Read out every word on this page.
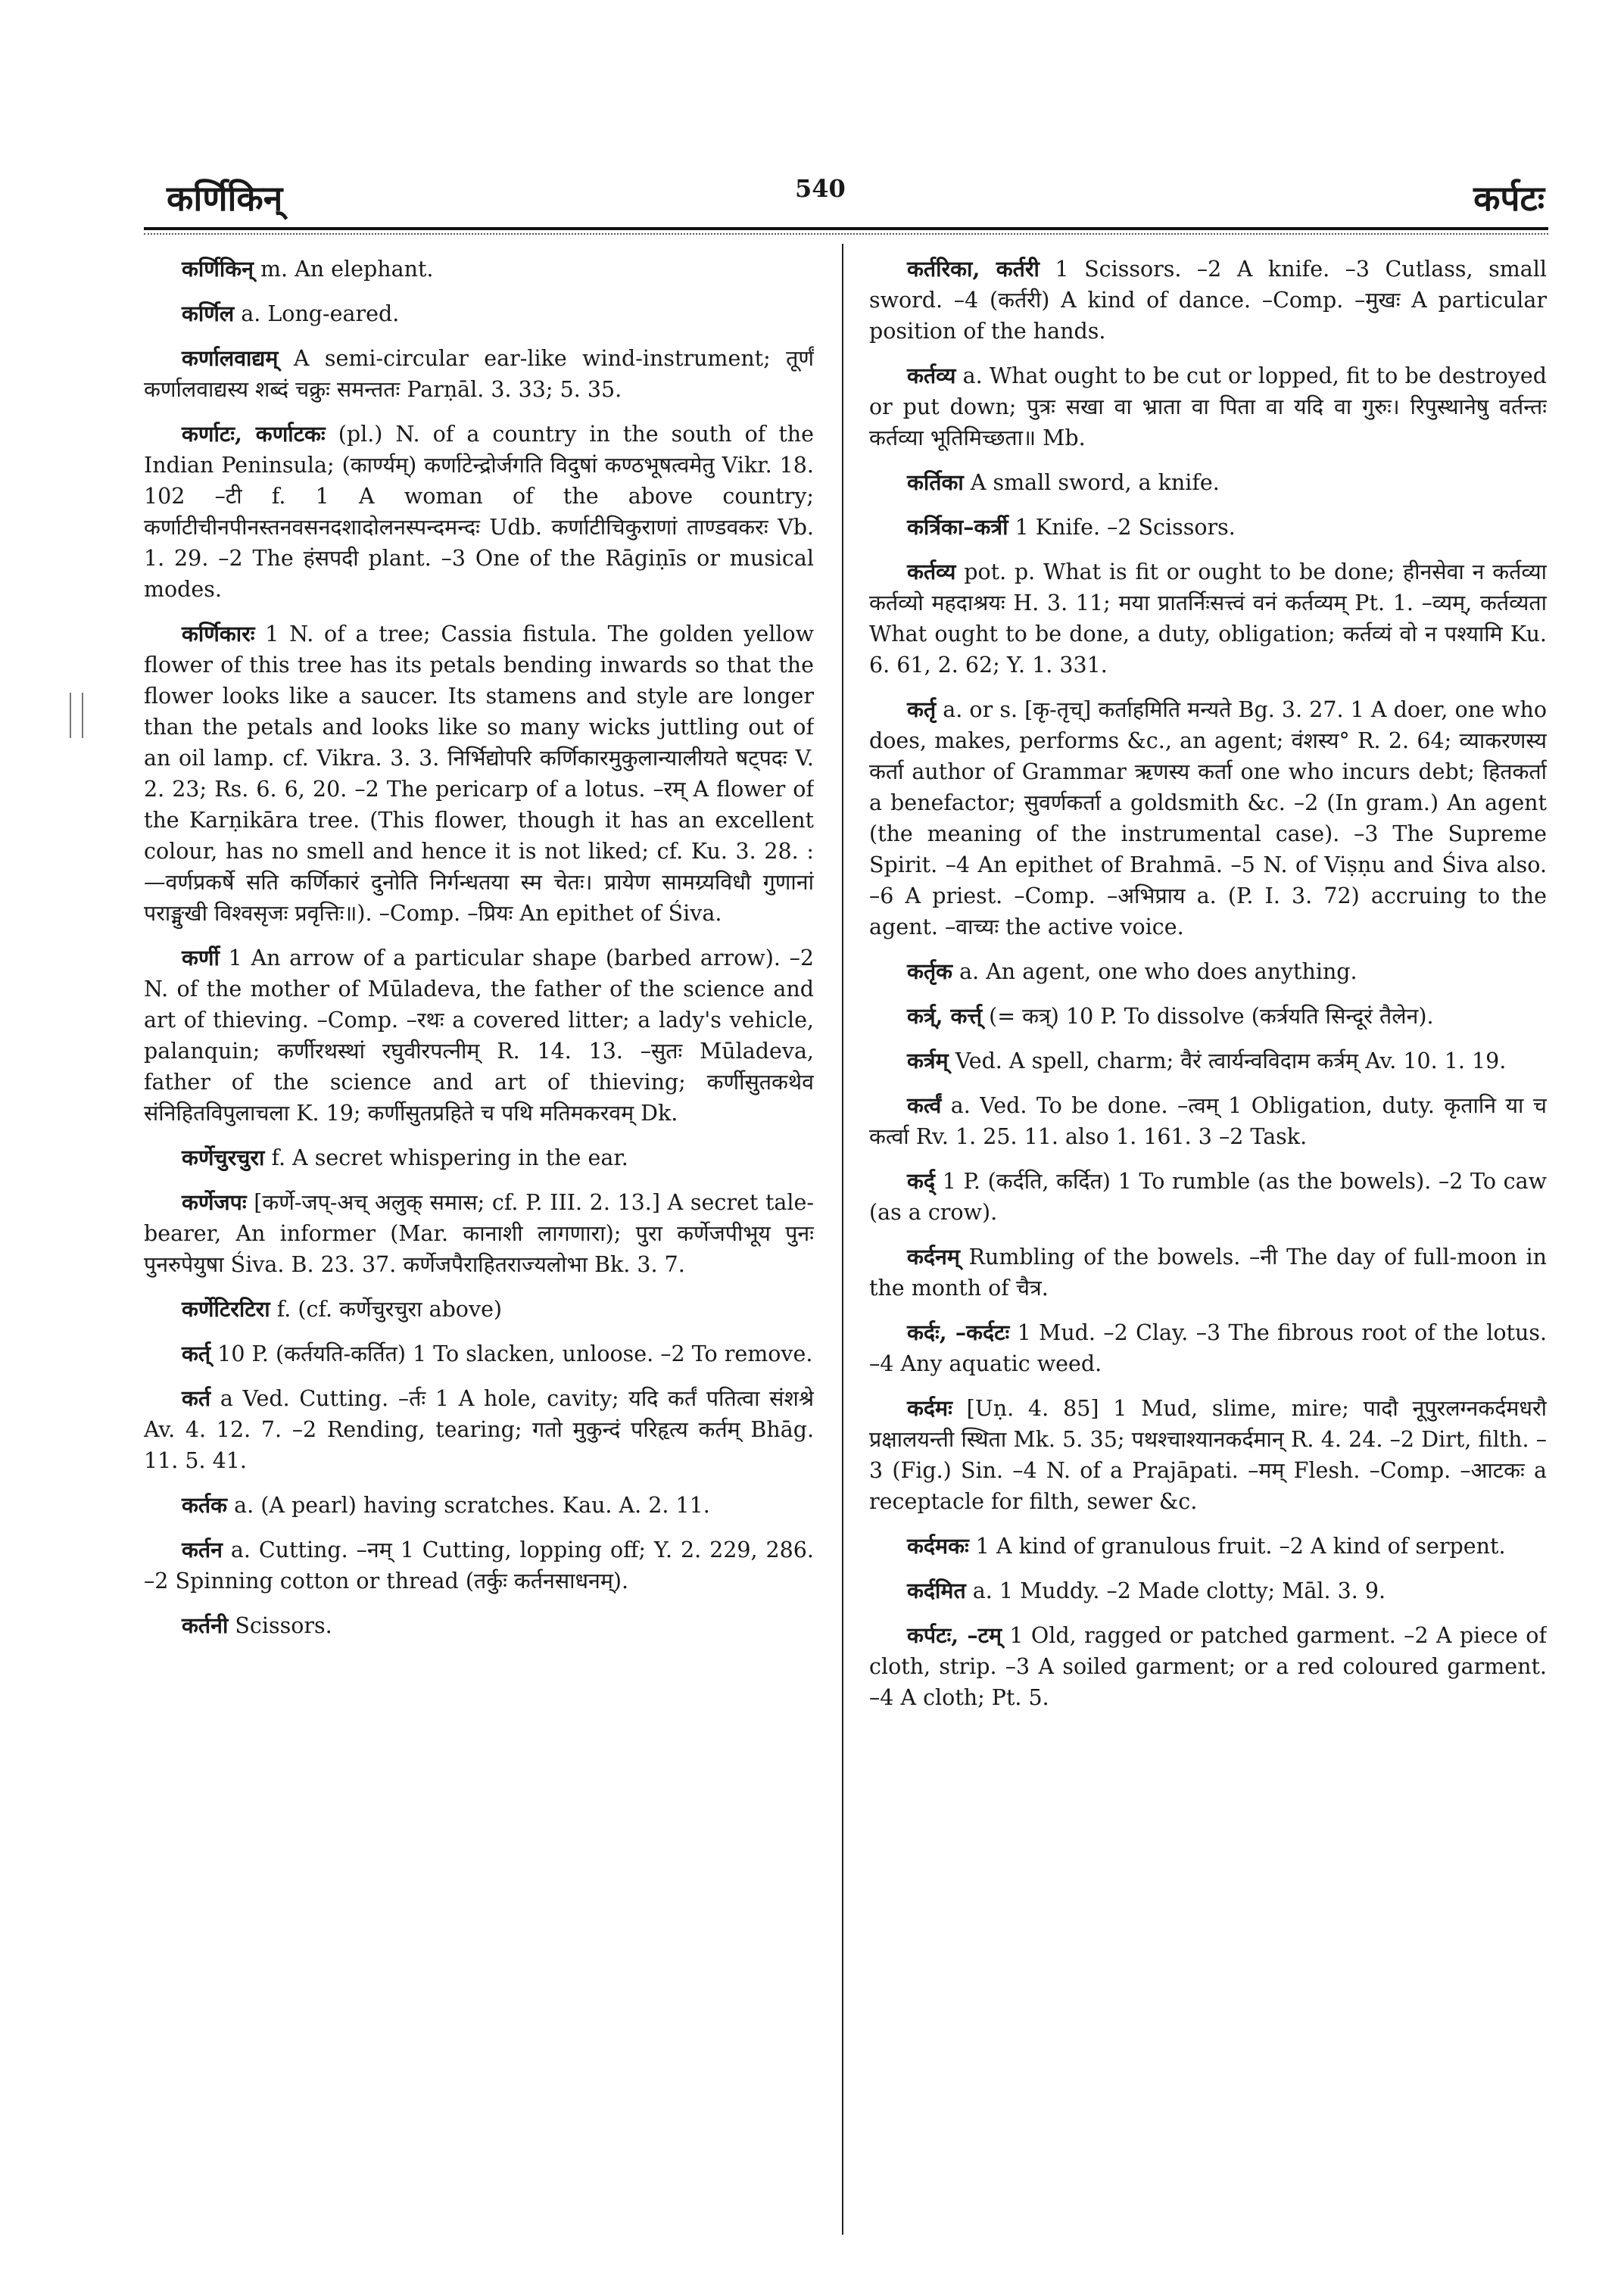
कर्णिकिन्	540	कर्पटः

कर्णिकिन् m. An elephant.

कर्णिल a. Long-eared.

कर्णालवाद्यम् A semi-circular ear-like wind-instrument; तूर्णं कर्णालवाद्यस्य शब्दं चक्रुः समन्ततः Parṇāl. 3. 33; 5. 35.

कर्णाटः, कर्णाटकः (pl.) N. of a country in the south of the Indian Peninsula; (कार्ण्यम्) कर्णाटेन्द्रोर्जगति विदुषां कण्ठभूषत्वमेतु Vikr. 18. 102 –टी f. 1 A woman of the above country; कर्णाटीचीनपीनस्तनवसनदशादोलनस्पन्दमन्दः Udb. कर्णाटीचिकुराणां ताण्डवकरः Vb. 1. 29. –2 The हंसपदी plant. –3 One of the Rāgiṇīs or musical modes.

कर्णिकारः 1 N. of a tree; Cassia fistula. The golden yellow flower of this tree has its petals bending inwards so that the flower looks like a saucer. Its stamens and style are longer than the petals and looks like so many wicks juttling out of an oil lamp. cf. Vikra. 3. 3. निर्भिद्योपरि कर्णिकारमुकुलान्यालीयते षट्पदः V. 2. 23; Rs. 6. 6, 20. –2 The pericarp of a lotus. –रम् A flower of the Karṇikāra tree. (This flower, though it has an excellent colour, has no smell and hence it is not liked; cf. Ku. 3. 28. :—वर्णप्रकर्षे सति कर्णिकारं दुनोति निर्गन्धतया स्म चेतः। प्रायेण सामग्र्यविधौ गुणानां पराङ्मुखी विश्वसृजः प्रवृत्तिः॥). –Comp. –प्रियः An epithet of Śiva.

कर्णी 1 An arrow of a particular shape (barbed arrow). –2 N. of the mother of Mūladeva, the father of the science and art of thieving. –Comp. –रथः a covered litter; a lady's vehicle, palanquin; कर्णीरथस्थां रघुवीरपत्नीम् R. 14. 13. –सुतः Mūladeva, father of the science and art of thieving; कर्णीसुतकथेव संनिहितविपुलाचला K. 19; कर्णीसुतप्रहिते च पथि मतिमकरवम् Dk.

कर्णेचुरचुरा f. A secret whispering in the ear.

कर्णेजपः [कर्णे-जप्-अच् अलुक् समास; cf. P. III. 2. 13.] A secret tale-bearer, An informer (Mar. कानाशी लागणारा); पुरा कर्णेजपीभूय पुनः पुनरुपेयुषा Śiva. B. 23. 37. कर्णेजपैराहितराज्यलोभा Bk. 3. 7.

कर्णेटिरटिरा f. (cf. कर्णेचुरचुरा above)

कर्त् 10 P. (कर्तयति-कर्तित) 1 To slacken, unloose. –2 To remove.

कर्त a Ved. Cutting. –र्तः 1 A hole, cavity; यदि कर्तं पतित्वा संशश्रे Av. 4. 12. 7. –2 Rending, tearing; गतो मुकुन्दं परिहृत्य कर्तम् Bhāg. 11. 5. 41.

कर्तक a. (A pearl) having scratches. Kau. A. 2. 11.

कर्तन a. Cutting. –नम् 1 Cutting, lopping off; Y. 2. 229, 286. –2 Spinning cotton or thread (तर्कुः कर्तनसाधनम्).

कर्तनी Scissors.

कर्तरिका, कर्तरी 1 Scissors. –2 A knife. –3 Cutlass, small sword. –4 (कर्तरी) A kind of dance. –Comp. –मुखः A particular position of the hands.

कर्तव्य a. What ought to be cut or lopped, fit to be destroyed or put down; पुत्रः सखा वा भ्राता वा पिता वा यदि वा गुरुः। रिपुस्थानेषु वर्तन्तः कर्तव्या भूतिमिच्छता॥ Mb.

कर्तिका A small sword, a knife.

कर्त्रिका–कर्त्री 1 Knife. –2 Scissors.

कर्तव्य pot. p. What is fit or ought to be done; हीनसेवा न कर्तव्या कर्तव्यो महदाश्रयः H. 3. 11; मया प्रातर्निःसत्त्वं वनं कर्तव्यम् Pt. 1. –व्यम्, कर्तव्यता What ought to be done, a duty, obligation; कर्तव्यं वो न पश्यामि Ku. 6. 61, 2. 62; Y. 1. 331.

कर्तृ a. or s. [कृ-तृच्] कर्ताहमिति मन्यते Bg. 3. 27. 1 A doer, one who does, makes, performs &c., an agent; वंशस्य° R. 2. 64; व्याकरणस्य कर्ता author of Grammar ऋणस्य कर्ता one who incurs debt; हितकर्ता a benefactor; सुवर्णकर्ता a goldsmith &c. –2 (In gram.) An agent (the meaning of the instrumental case). –3 The Supreme Spirit. –4 An epithet of Brahmā. –5 N. of Viṣṇu and Śiva also. –6 A priest. –Comp. –अभिप्राय a. (P. I. 3. 72) accruing to the agent. –वाच्यः the active voice.

कर्तृक a. An agent, one who does anything.

कर्त्र्, कर्त्त् (= कत्र्) 10 P. To dissolve (कर्त्रयति सिन्दूरं तैलेन).

कर्त्रम् Ved. A spell, charm; वैरं त्वार्यन्वविदाम कर्त्रम् Av. 10. 1. 19.

कर्त्वं a. Ved. To be done. –त्वम् 1 Obligation, duty. कृतानि या च कर्त्वा Rv. 1. 25. 11. also 1. 161. 3 –2 Task.

कर्द् 1 P. (कर्दति, कर्दित) 1 To rumble (as the bowels). –2 To caw (as a crow).

कर्दनम् Rumbling of the bowels. –नी The day of full-moon in the month of चैत्र.

कर्दः, –कर्दटः 1 Mud. –2 Clay. –3 The fibrous root of the lotus. –4 Any aquatic weed.

कर्दमः [Uṇ. 4. 85] 1 Mud, slime, mire; पादौ नूपुरलग्नकर्दमधरौ प्रक्षालयन्ती स्थिता Mk. 5. 35; पथश्चाश्यानकर्दमान् R. 4. 24. –2 Dirt, filth. –3 (Fig.) Sin. –4 N. of a Prajāpati. –मम् Flesh. –Comp. –आटकः a receptacle for filth, sewer &c.

कर्दमकः 1 A kind of granulous fruit. –2 A kind of serpent.

कर्दमित a. 1 Muddy. –2 Made clotty; Māl. 3. 9.

कर्पटः, –टम् 1 Old, ragged or patched garment. –2 A piece of cloth, strip. –3 A soiled garment; or a red coloured garment. –4 A cloth; Pt. 5.
